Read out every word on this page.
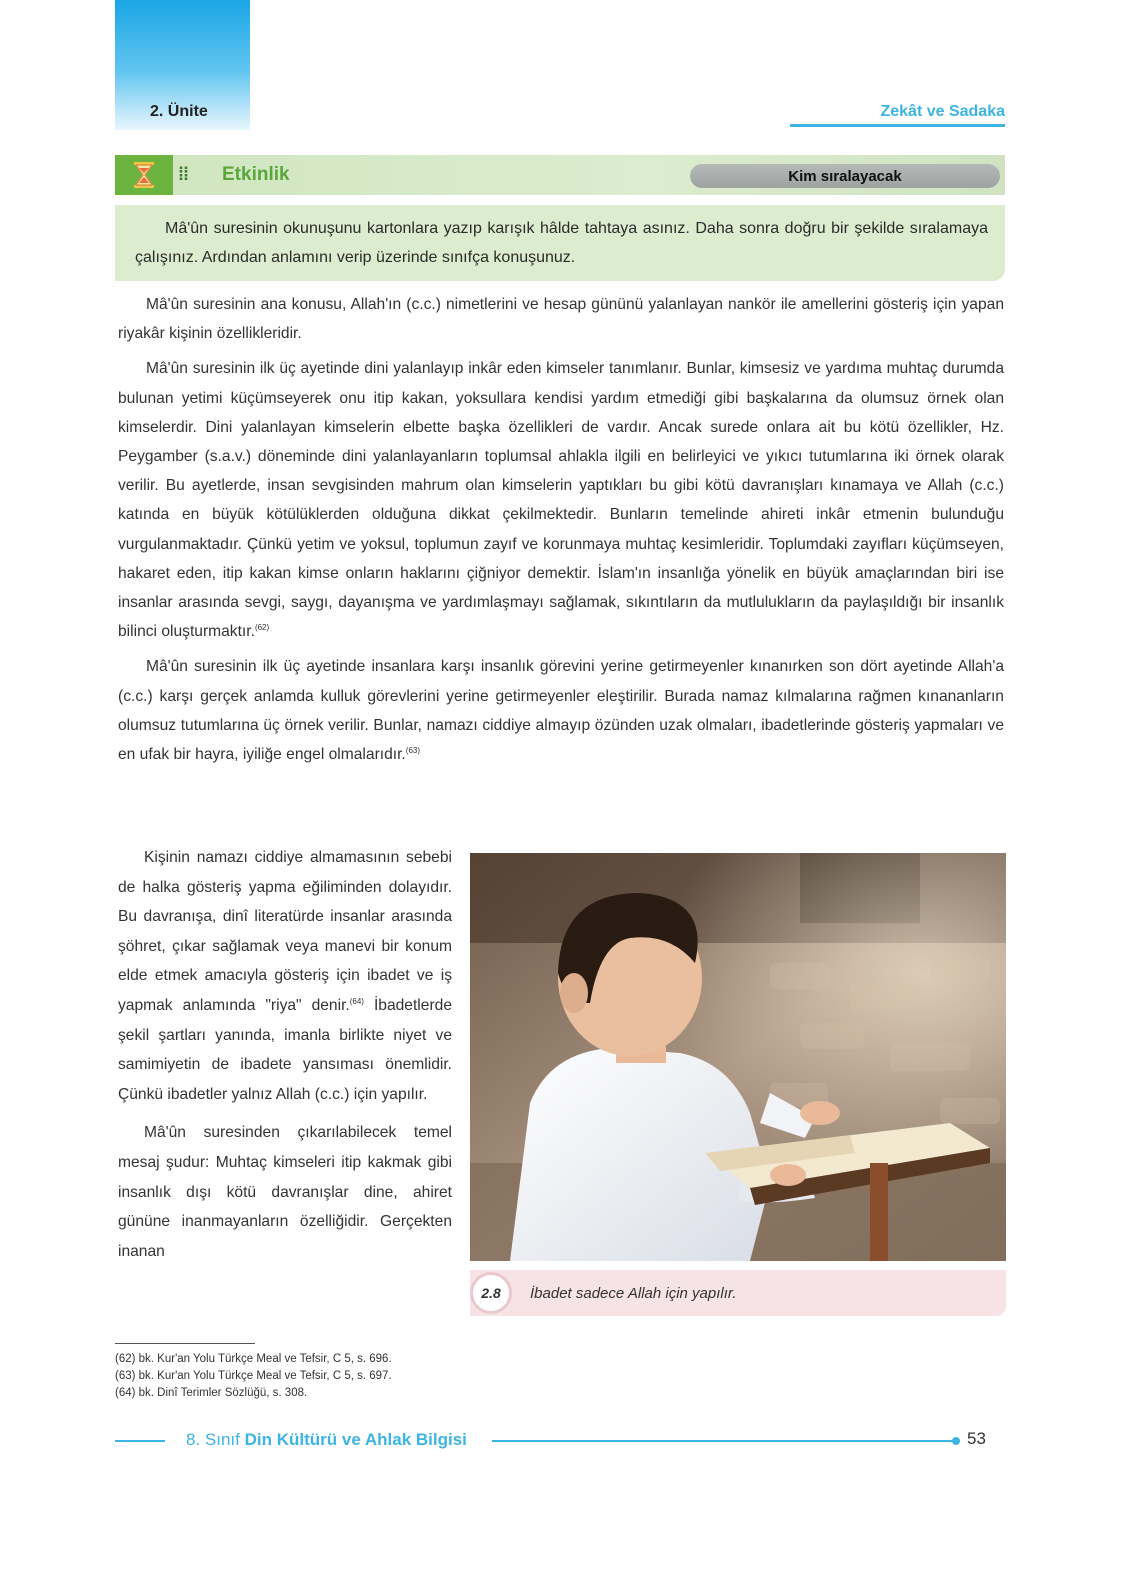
2. Ünite	Zekât ve Sadaka
⁞⁞ Etkinlik	Kim sıralayacak

Mâ'ûn suresinin okunuşunu kartonlara yazıp karışık hâlde tahtaya asınız. Daha sonra doğru bir şekilde sıralamaya çalışınız. Ardından anlamını verip üzerinde sınıfça konuşunuz.

Mâ'ûn suresinin ana konusu, Allah'ın (c.c.) nimetlerini ve hesap gününü yalanlayan nankör ile amellerini gösteriş için yapan riyakâr kişinin özellikleridir.

Mâ'ûn suresinin ilk üç ayetinde dini yalanlayıp inkâr eden kimseler tanımlanır. Bunlar, kimsesiz ve yardıma muhtaç durumda bulunan yetimi küçümseyerek onu itip kakan, yoksullara kendisi yardım etmediği gibi başkalarına da olumsuz örnek olan kimselerdir. Dini yalanlayan kimselerin elbette başka özellikleri de vardır. Ancak surede onlara ait bu kötü özellikler, Hz. Peygamber (s.a.v.) döneminde dini yalanlayanların toplumsal ahlakla ilgili en belirleyici ve yıkıcı tutumlarına iki örnek olarak verilir. Bu ayetlerde, insan sevgisinden mahrum olan kimselerin yaptıkları bu gibi kötü davranışları kınamaya ve Allah (c.c.) katında en büyük kötülüklerden olduğuna dikkat çekilmektedir. Bunların temelinde ahireti inkâr etmenin bulunduğu vurgulanmaktadır. Çünkü yetim ve yoksul, toplumun zayıf ve korunmaya muhtaç kesimleridir. Toplumdaki zayıfları küçümseyen, hakaret eden, itip kakan kimse onların haklarını çiğniyor demektir. İslam'ın insanlığa yönelik en büyük amaçlarından biri ise insanlar arasında sevgi, saygı, dayanışma ve yardımlaşmayı sağlamak, sıkıntıların da mutlulukların da paylaşıldığı bir insanlık bilinci oluşturmaktır.$^{(62)}$

Mâ'ûn suresinin ilk üç ayetinde insanlara karşı insanlık görevini yerine getirmeyenler kınanırken son dört ayetinde Allah'a (c.c.) karşı gerçek anlamda kulluk görevlerini yerine getirmeyenler eleştirilir. Burada namaz kılmalarına rağmen kınananların olumsuz tutumlarına üç örnek verilir. Bunlar, namazı ciddiye almayıp özünden uzak olmaları, ibadetlerinde gösteriş yapmaları ve en ufak bir hayra, iyiliğe engel olmalarıdır.$^{(63)}$

Kişinin namazı ciddiye almamasının sebebi de halka gösteriş yapma eğiliminden dolayıdır. Bu davranışa, dinî literatürde insanlar arasında şöhret, çıkar sağlamak veya manevi bir konum elde etmek amacıyla gösteriş için ibadet ve iş yapmak anlamında "riya" denir.$^{(64)}$ İbadetlerde şekil şartları yanında, imanla birlikte niyet ve samimiyetin de ibadete yansıması önemlidir. Çünkü ibadetler yalnız Allah (c.c.) için yapılır.

Mâ'ûn suresinden çıkarılabilecek temel mesaj şudur: Muhtaç kimseleri itip kakmak gibi insanlık dışı kötü davranışlar dine, ahiret gününe inanmayanların özelliğidir. Gerçekten inanan

2.8	İbadet sadece Allah için yapılır.
(62) bk. Kur'an Yolu Türkçe Meal ve Tefsir, C 5, s. 696.
(63) bk. Kur'an Yolu Türkçe Meal ve Tefsir, C 5, s. 697.
(64) bk. Dinî Terimler Sözlüğü, s. 308.
8. Sınıf Din Kültürü ve Ahlak Bilgisi	53
